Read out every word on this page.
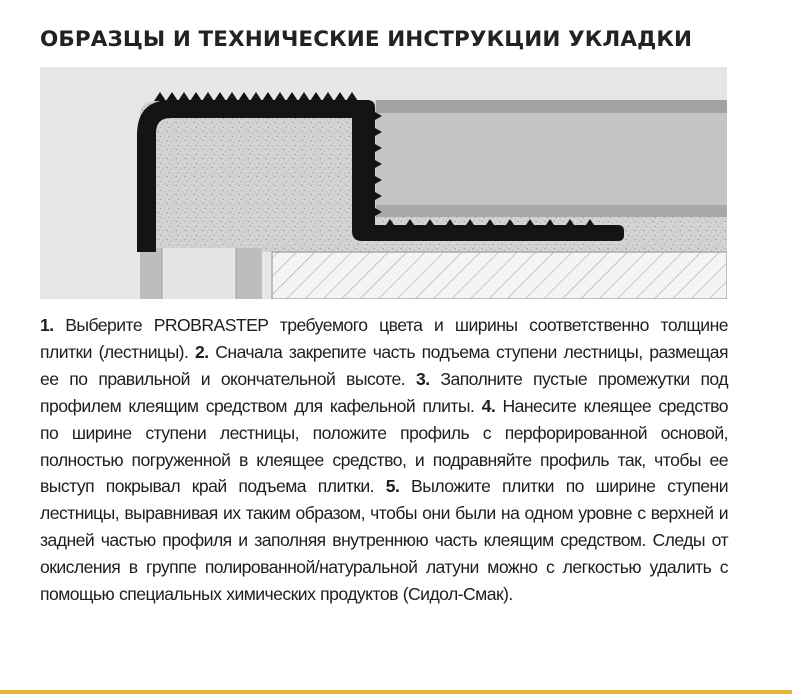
ОБРАЗЦЫ И ТЕХНИЧЕСКИЕ ИНСТРУКЦИИ УКЛАДКИ

1. Выберите PROBRASTEP требуемого цвета и ширины соответственно толщине плитки (лестницы). 2. Сначала закрепите часть подъема ступени лестницы, размещая ее по правильной и окончательной высоте. 3. Заполните пустые промежутки под профилем клеящим средством для кафельной плиты. 4. Нанесите клеящее средство по ширине ступени лестницы, положите профиль с перфорированной основой, полностью погруженной в клеящее средство, и подравняйте профиль так, чтобы ее выступ покрывал край подъема плитки. 5. Выложите плитки по ширине ступени лестницы, выравнивая их таким образом, чтобы они были на одном уровне с верхней и задней частью профиля и заполняя внутреннюю часть клеящим средством. Следы от окисления в группе полированной/натуральной латуни можно с легкостью удалить с помощью специальных химических продуктов (Сидол-Смак).
